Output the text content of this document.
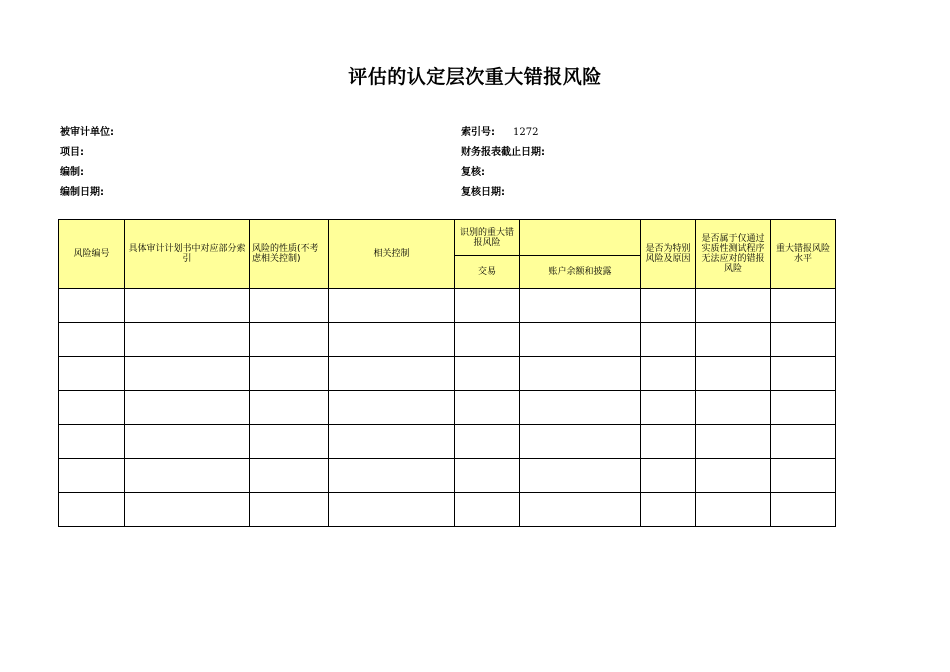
评估的认定层次重大错报风险
被审计单位:	索引号: 1272
项目:	财务报表截止日期:
编制:	复核:
编制日期:	复核日期:
风险编号	具体审计计划书中对应部分索引	风险的性质(不考虑相关控制)	相关控制	识别的重大错报风险		是否为特别风险及原因	是否属于仅通过实质性测试程序无法应对的错报风险	重大错报风险水平
				交易	账户余额和披露			
